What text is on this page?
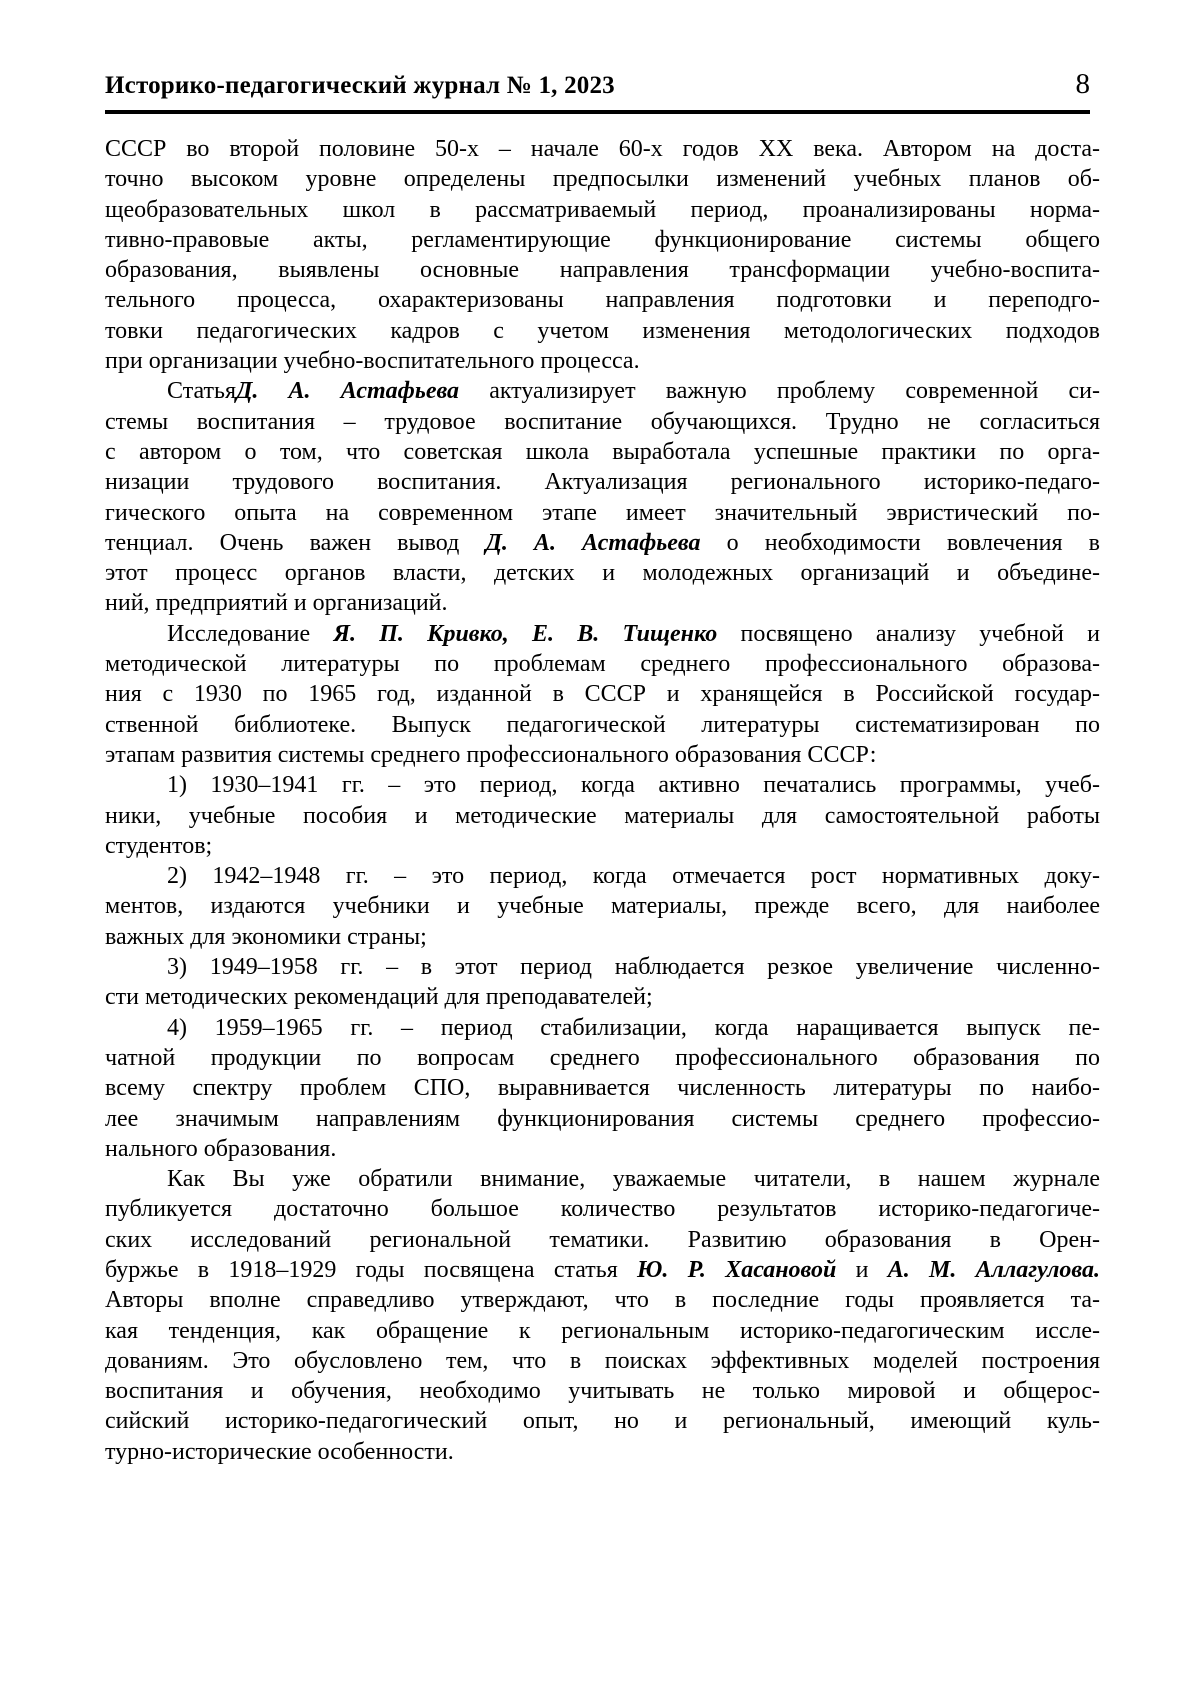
Историко-педагогический журнал № 1, 2023	8
СССР во второй половине 50-х – начале 60-х годов XX века. Автором на доста-
точно высоком уровне определены предпосылки изменений учебных планов об-
щеобразовательных школ в рассматриваемый период, проанализированы норма-
тивно-правовые акты, регламентирующие функционирование системы общего
образования, выявлены основные направления трансформации учебно-воспита-
тельного процесса, охарактеризованы направления подготовки и переподго-
товки педагогических кадров с учетом изменения методологических подходов
при организации учебно-воспитательного процесса.
СтатьяД. А. Астафьева актуализирует важную проблему современной си-
стемы воспитания – трудовое воспитание обучающихся. Трудно не согласиться
с автором о том, что советская школа выработала успешные практики по орга-
низации трудового воспитания. Актуализация регионального историко-педаго-
гического опыта на современном этапе имеет значительный эвристический по-
тенциал. Очень важен вывод Д. А. Астафьева о необходимости вовлечения в
этот процесс органов власти, детских и молодежных организаций и объедине-
ний, предприятий и организаций.
Исследование Я. П. Кривко, Е. В. Тищенко посвящено анализу учебной и
методической литературы по проблемам среднего профессионального образова-
ния с 1930 по 1965 год, изданной в СССР и хранящейся в Российской государ-
ственной библиотеке. Выпуск педагогической литературы систематизирован по
этапам развития системы среднего профессионального образования СССР:
1) 1930–1941 гг. – это период, когда активно печатались программы, учеб-
ники, учебные пособия и методические материалы для самостоятельной работы
студентов;
2) 1942–1948 гг. – это период, когда отмечается рост нормативных доку-
ментов, издаются учебники и учебные материалы, прежде всего, для наиболее
важных для экономики страны;
3) 1949–1958 гг. – в этот период наблюдается резкое увеличение численно-
сти методических рекомендаций для преподавателей;
4) 1959–1965 гг. – период стабилизации, когда наращивается выпуск пе-
чатной продукции по вопросам среднего профессионального образования по
всему спектру проблем СПО, выравнивается численность литературы по наибо-
лее значимым направлениям функционирования системы среднего профессио-
нального образования.
Как Вы уже обратили внимание, уважаемые читатели, в нашем журнале
публикуется достаточно большое количество результатов историко-педагогиче-
ских исследований региональной тематики. Развитию образования в Орен-
буржье в 1918–1929 годы посвящена статья Ю. Р. Хасановой и А. М. Аллагулова.
Авторы вполне справедливо утверждают, что в последние годы проявляется та-
кая тенденция, как обращение к региональным историко-педагогическим иссле-
дованиям. Это обусловлено тем, что в поисках эффективных моделей построения
воспитания и обучения, необходимо учитывать не только мировой и общерос-
сийский историко-педагогический опыт, но и региональный, имеющий куль-
турно-исторические особенности.
